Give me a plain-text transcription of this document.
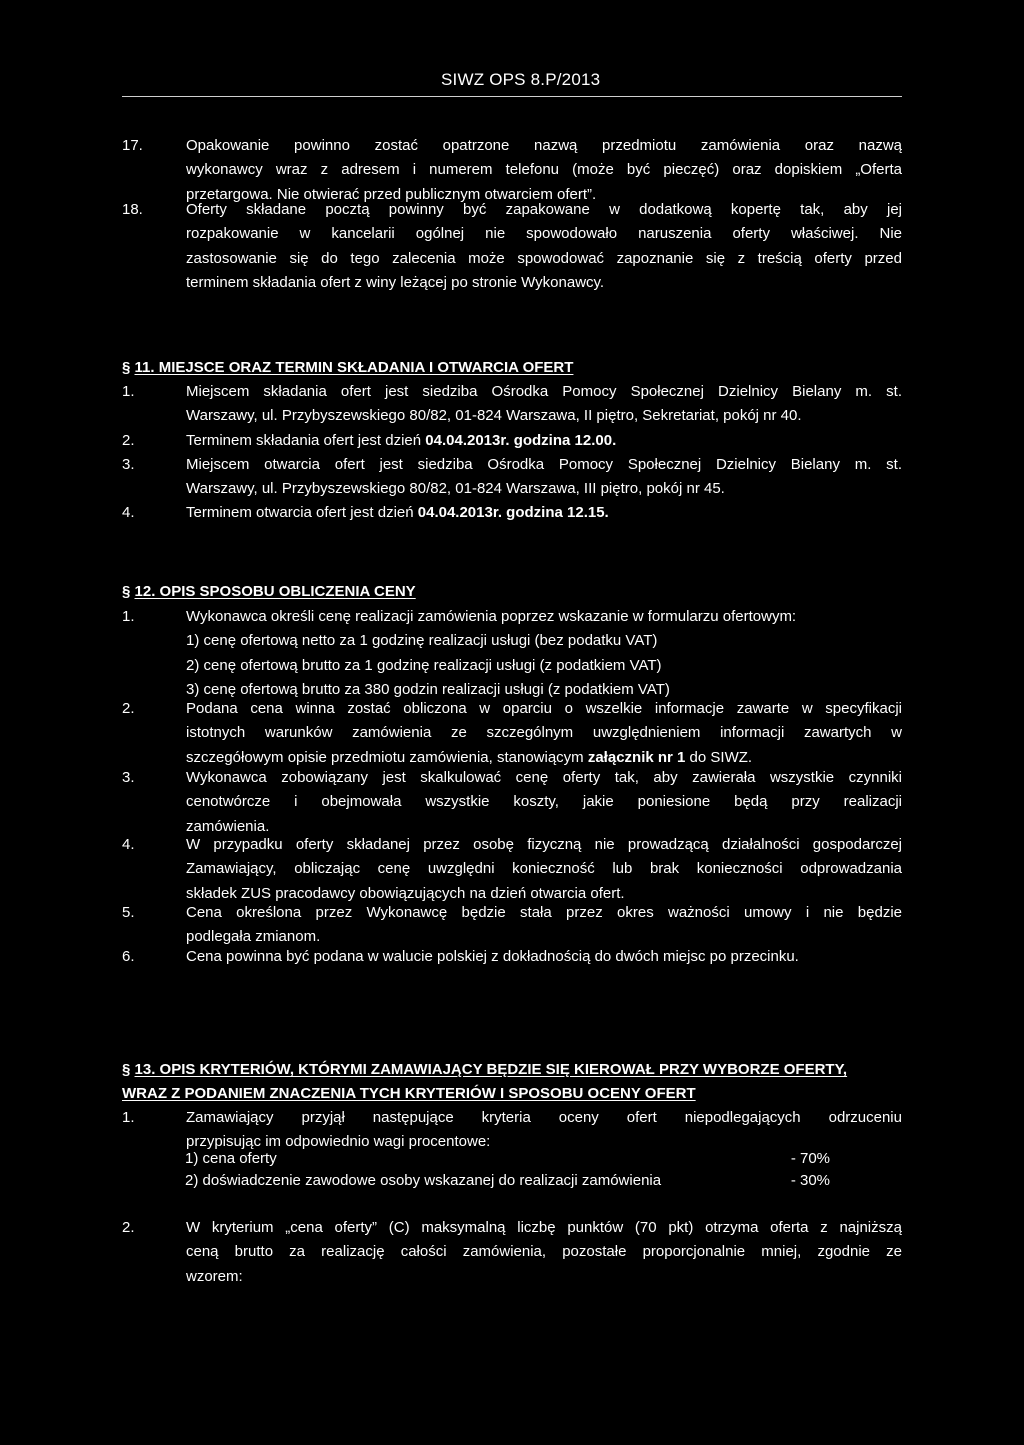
SIWZ OPS 8.P/2013
17.	Opakowanie powinno zostać opatrzone nazwą przedmiotu zamówienia oraz nazwą
wykonawcy wraz z adresem i numerem telefonu (może być pieczęć) oraz dopiskiem „Oferta
przetargowa. Nie otwierać przed publicznym otwarciem ofert”.
18.	Oferty składane pocztą powinny być zapakowane w dodatkową kopertę tak, aby jej
rozpakowanie w kancelarii ogólnej nie spowodowało naruszenia oferty właściwej. Nie
zastosowanie się do tego zalecenia może spowodować zapoznanie się z treścią oferty przed
terminem składania ofert z winy leżącej po stronie Wykonawcy.
§ 11. MIEJSCE ORAZ TERMIN SKŁADANIA I OTWARCIA OFERT
1.	Miejscem składania ofert jest siedziba Ośrodka Pomocy Społecznej Dzielnicy Bielany m. st.
Warszawy, ul. Przybyszewskiego 80/82, 01-824 Warszawa, II piętro, Sekretariat, pokój nr 40.
2.	Terminem składania ofert jest dzień 04.04.2013r. godzina 12.00.
3.	Miejscem otwarcia ofert jest siedziba Ośrodka Pomocy Społecznej Dzielnicy Bielany m. st.
Warszawy, ul. Przybyszewskiego 80/82, 01-824 Warszawa, III piętro, pokój nr 45.
4.	Terminem otwarcia ofert jest dzień 04.04.2013r. godzina 12.15.
§ 12. OPIS SPOSOBU OBLICZENIA CENY
1.	Wykonawca określi cenę realizacji zamówienia poprzez wskazanie w formularzu ofertowym:
1) cenę ofertową netto za 1 godzinę realizacji usługi (bez podatku VAT)
2) cenę ofertową brutto za 1 godzinę realizacji usługi (z podatkiem VAT)
3) cenę ofertową brutto za 380 godzin realizacji usługi (z podatkiem VAT)
2.	Podana cena winna zostać obliczona w oparciu o wszelkie informacje zawarte w specyfikacji
istotnych warunków zamówienia ze szczególnym uwzględnieniem informacji zawartych w
szczegółowym opisie przedmiotu zamówienia, stanowiącym załącznik nr 1 do SIWZ.
3.	Wykonawca zobowiązany jest skalkulować cenę oferty tak, aby zawierała wszystkie czynniki
cenotwórcze i obejmowała wszystkie koszty, jakie poniesione będą przy realizacji
zamówienia.
4.	W przypadku oferty składanej przez osobę fizyczną nie prowadzącą działalności gospodarczej
Zamawiający, obliczając cenę uwzględni konieczność lub brak konieczności odprowadzania
składek ZUS pracodawcy obowiązujących na dzień otwarcia ofert.
5.	Cena określona przez Wykonawcę będzie stała przez okres ważności umowy i nie będzie
podlegała zmianom.
6.	Cena powinna być podana w walucie polskiej z dokładnością do dwóch miejsc po przecinku.
§ 13. OPIS KRYTERIÓW, KTÓRYMI ZAMAWIAJĄCY BĘDZIE SIĘ KIEROWAŁ PRZY WYBORZE OFERTY,
WRAZ Z PODANIEM ZNACZENIA TYCH KRYTERIÓW I SPOSOBU OCENY OFERT
1.	Zamawiający przyjął następujące kryteria oceny ofert niepodlegających odrzuceniu
przypisując im odpowiednio wagi procentowe:
1) cena oferty	- 70%
2) doświadczenie zawodowe osoby wskazanej do realizacji zamówienia	- 30%
2.	W kryterium „cena oferty” (C) maksymalną liczbę punktów (70 pkt) otrzyma oferta z najniższą
ceną brutto za realizację całości zamówienia, pozostałe proporcjonalnie mniej, zgodnie ze
wzorem:
